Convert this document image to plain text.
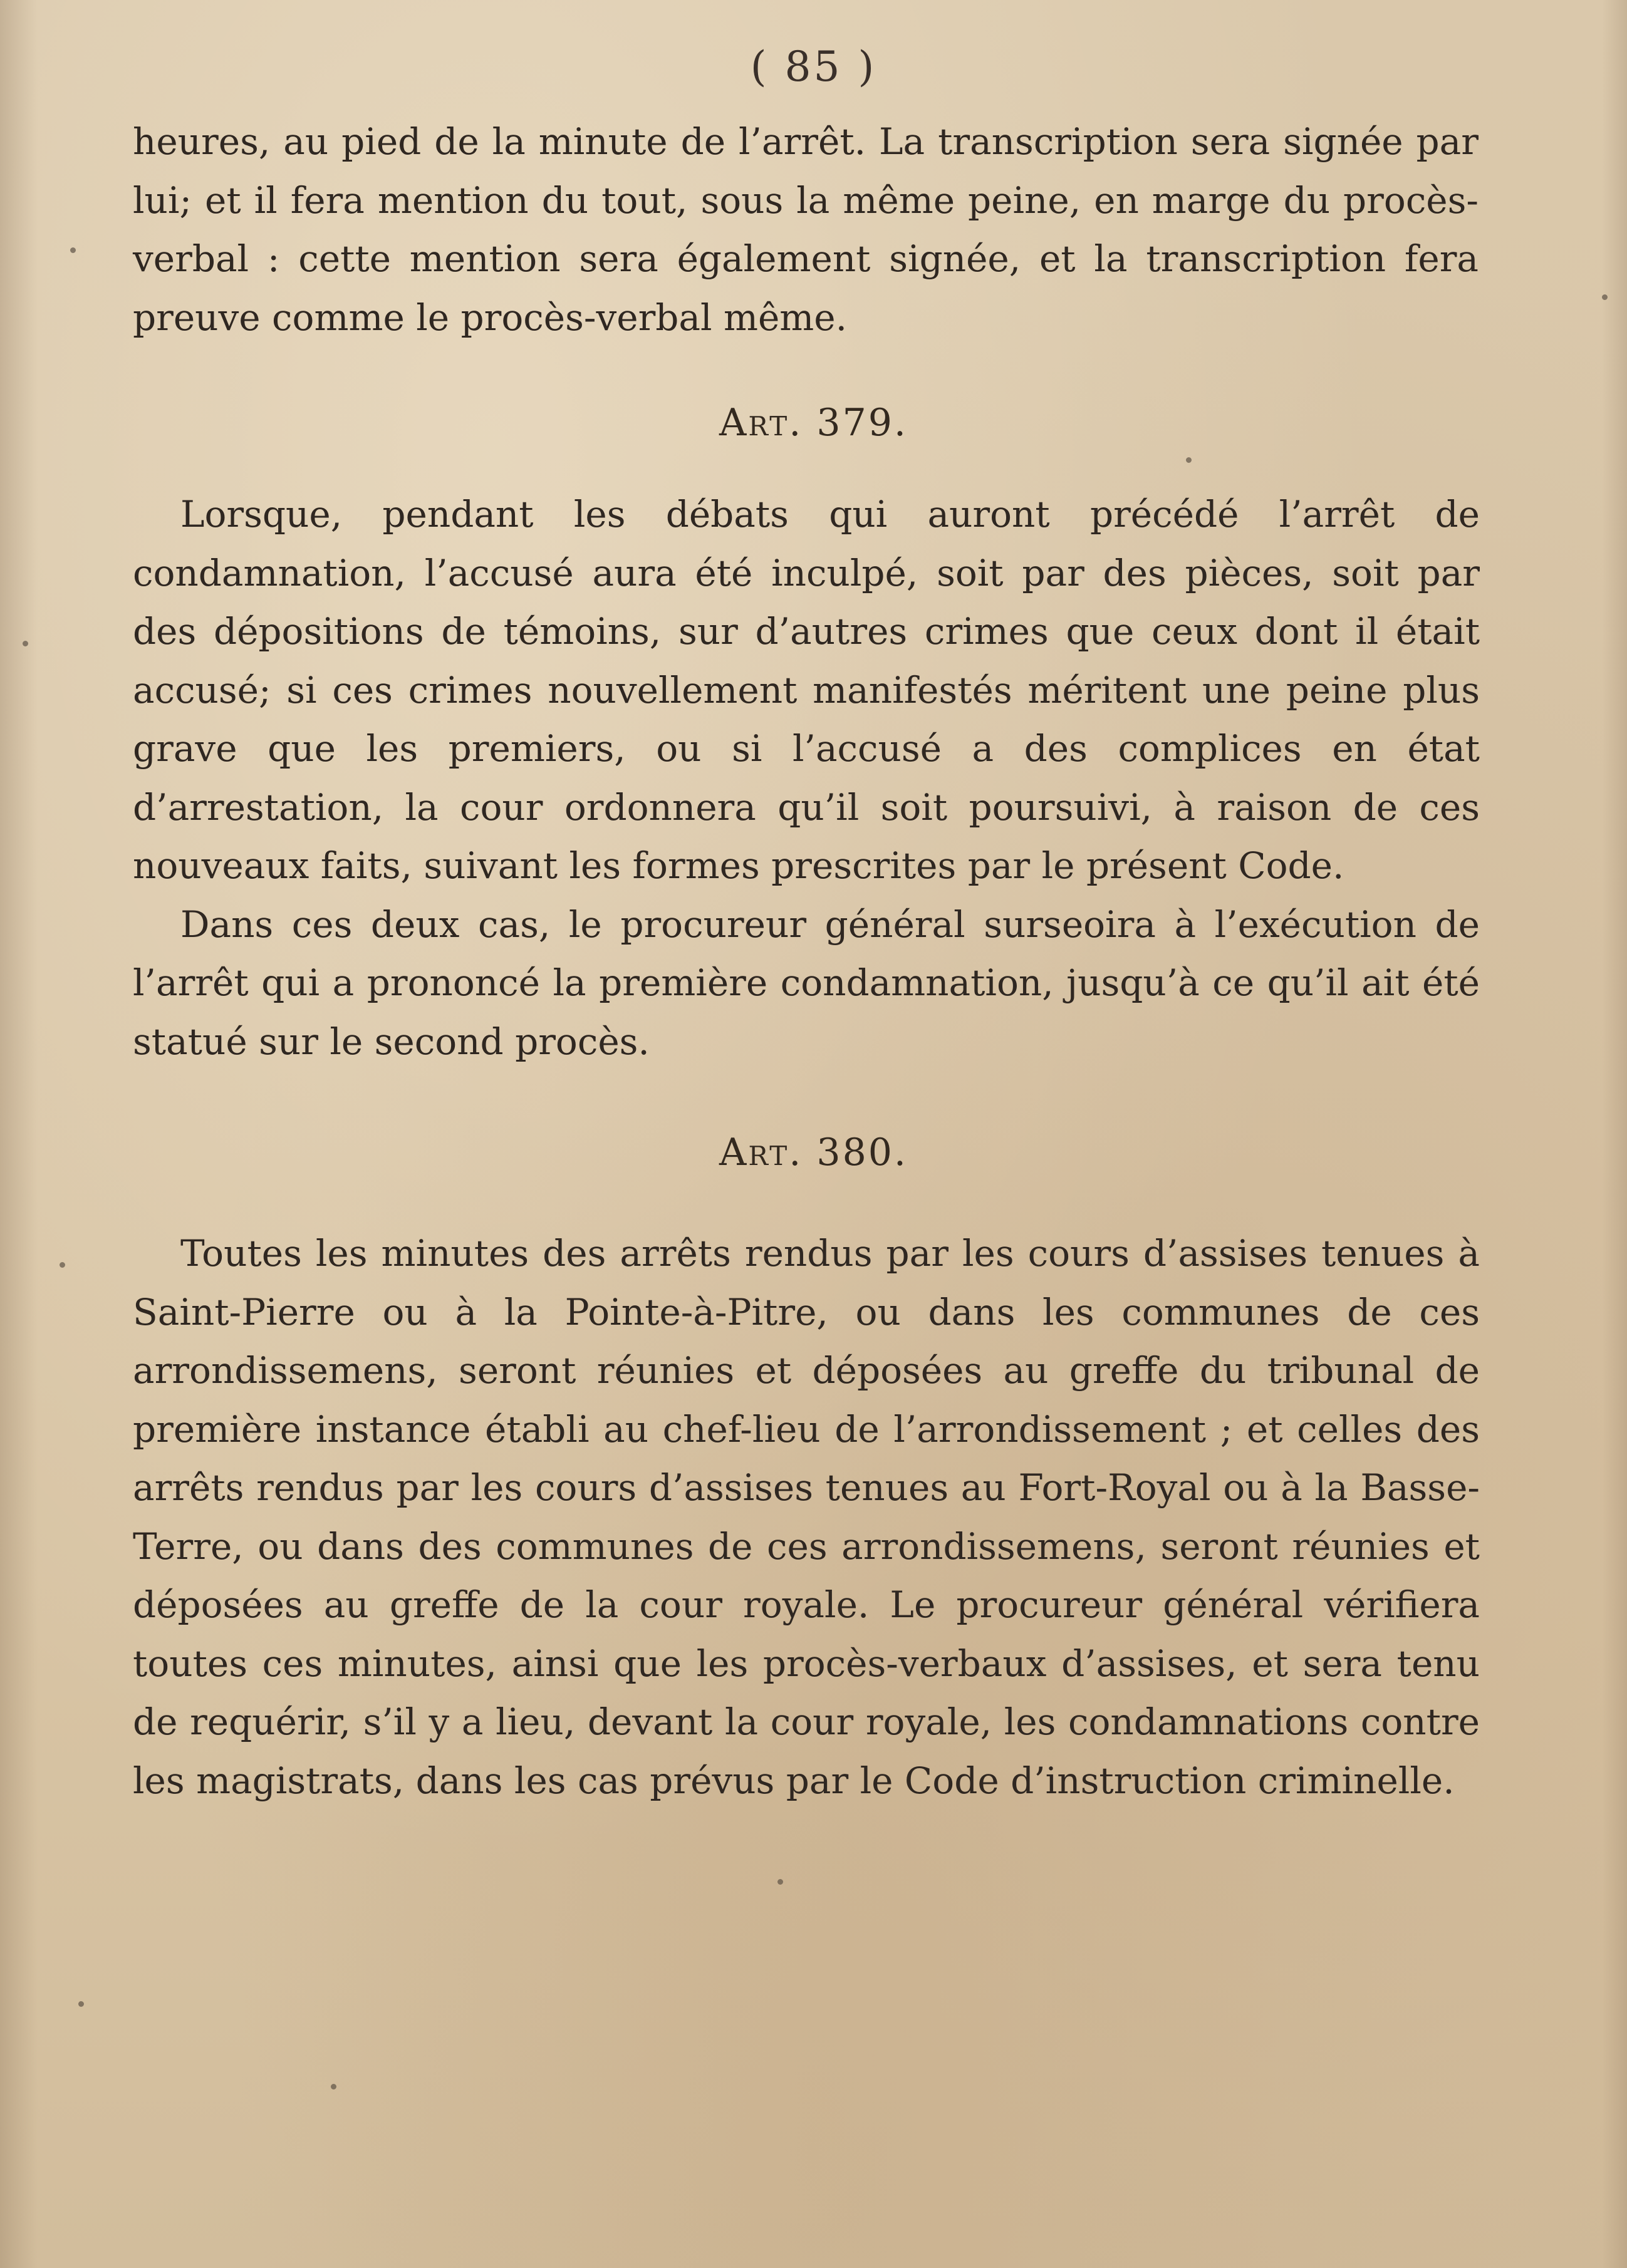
( 85 )

heures, au pied de la minute de l’arrêt. La transcription sera signée par lui; et il fera mention du tout, sous la même peine, en marge du procès-verbal : cette mention sera également signée, et la transcription fera preuve comme le procès-verbal même.

Art. 379.

Lorsque, pendant les débats qui auront précédé l’arrêt de condamnation, l’accusé aura été inculpé, soit par des pièces, soit par des dépositions de témoins, sur d’autres crimes que ceux dont il était accusé; si ces crimes nouvellement manifestés méritent une peine plus grave que les premiers, ou si l’accusé a des complices en état d’arrestation, la cour ordonnera qu’il soit poursuivi, à raison de ces nouveaux faits, suivant les formes prescrites par le présent Code.

Dans ces deux cas, le procureur général surseoira à l’exécution de l’arrêt qui a prononcé la première condamnation, jusqu’à ce qu’il ait été statué sur le second procès.

Art. 380.

Toutes les minutes des arrêts rendus par les cours d’assises tenues à Saint-Pierre ou à la Pointe-à-Pitre, ou dans les communes de ces arrondissemens, seront réunies et déposées au greffe du tribunal de première instance établi au chef-lieu de l’arrondissement ; et celles des arrêts rendus par les cours d’assises tenues au Fort-Royal ou à la Basse-Terre, ou dans des communes de ces arrondissemens, seront réunies et déposées au greffe de la cour royale. Le procureur général vérifiera toutes ces minutes, ainsi que les procès-verbaux d’assises, et sera tenu de requérir, s’il y a lieu, devant la cour royale, les condamnations contre les magistrats, dans les cas prévus par le Code d’instruction criminelle.
